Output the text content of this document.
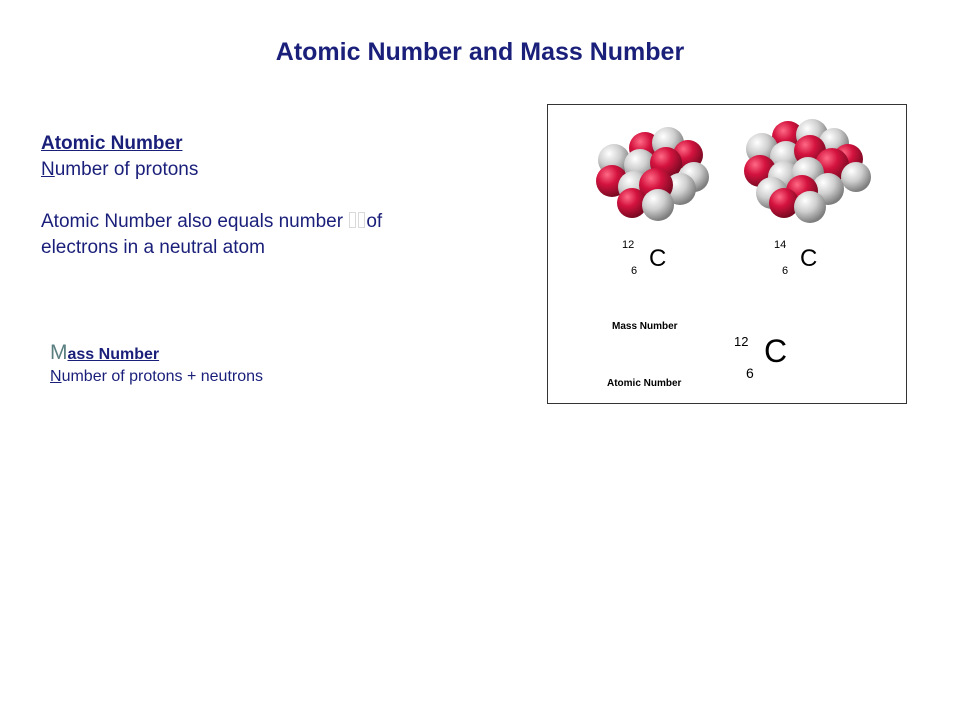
Atomic Number and Mass Number
Atomic Number
Number of protons
Atomic Number also equals number of
electrons in a neutral atom
Mass Number
Number of protons + neutrons
12
6 C	14
6 C
Mass Number
Atomic Number
12
6
C
